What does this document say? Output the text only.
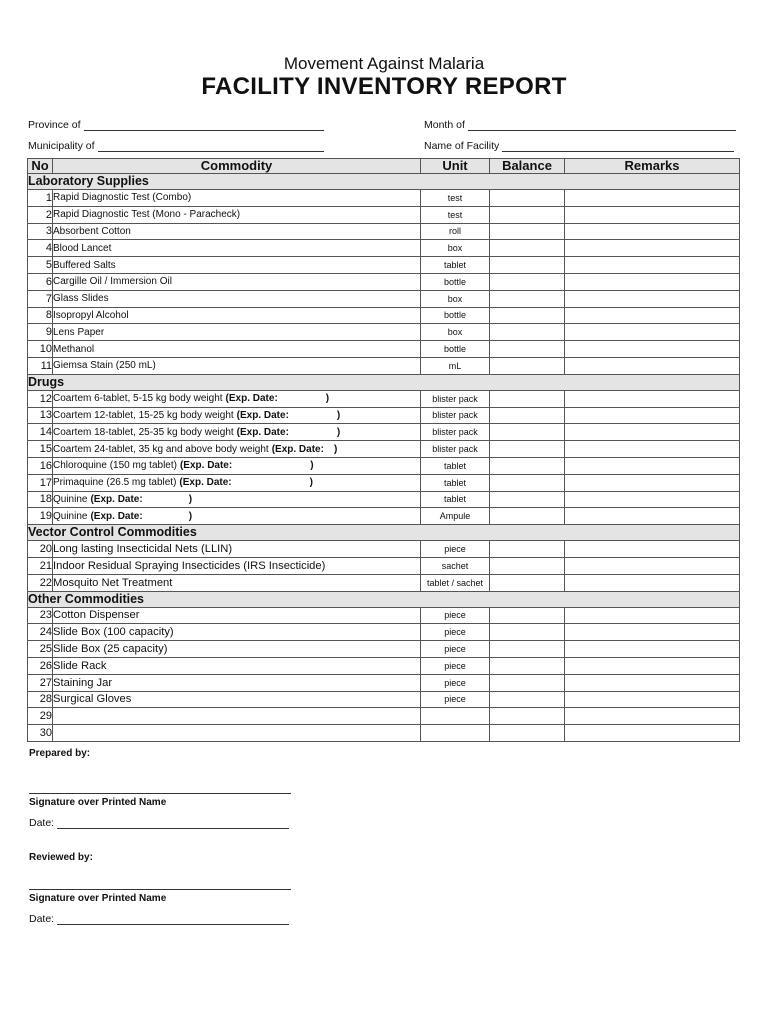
Movement Against Malaria
FACILITY INVENTORY REPORT
Province of	Month of
Municipality of	Name of Facility
No	Commodity	Unit	Balance	Remarks
Laboratory Supplies				
1	Rapid Diagnostic Test (Combo)	test		
2	Rapid Diagnostic Test (Mono - Paracheck)	test		
3	Absorbent Cotton	roll		
4	Blood Lancet	box		
5	Buffered Salts	tablet		
6	Cargille Oil / Immersion Oil	bottle		
7	Glass Slides	box		
8	Isopropyl Alcohol	bottle		
9	Lens Paper	box		
10	Methanol	bottle		
11	Giemsa Stain (250 mL)	mL		
Drugs				
12	Coartem 6-tablet, 5-15 kg body weight (Exp. Date: )	blister pack		
13	Coartem 12-tablet, 15-25 kg body weight (Exp. Date: )	blister pack		
14	Coartem 18-tablet, 25-35 kg body weight (Exp. Date: )	blister pack		
15	Coartem 24-tablet, 35 kg and above body weight (Exp. Date: )	blister pack		
16	Chloroquine (150 mg tablet) (Exp. Date: )	tablet		
17	Primaquine (26.5 mg tablet) (Exp. Date: )	tablet		
18	Quinine (Exp. Date: )	tablet		
19	Quinine (Exp. Date: )	Ampule		
Vector Control Commodities				
20	Long lasting Insecticidal Nets (LLIN)	piece		
21	Indoor Residual Spraying Insecticides (IRS Insecticide)	sachet		
22	Mosquito Net Treatment	tablet / sachet		
Other Commodities				
23	Cotton Dispenser	piece		
24	Slide Box (100 capacity)	piece		
25	Slide Box (25 capacity)	piece		
26	Slide Rack	piece		
27	Staining Jar	piece		
28	Surgical Gloves	piece		
29				
30				
Prepared by:
Signature over Printed Name
Date:
Reviewed by:
Signature over Printed Name
Date:
